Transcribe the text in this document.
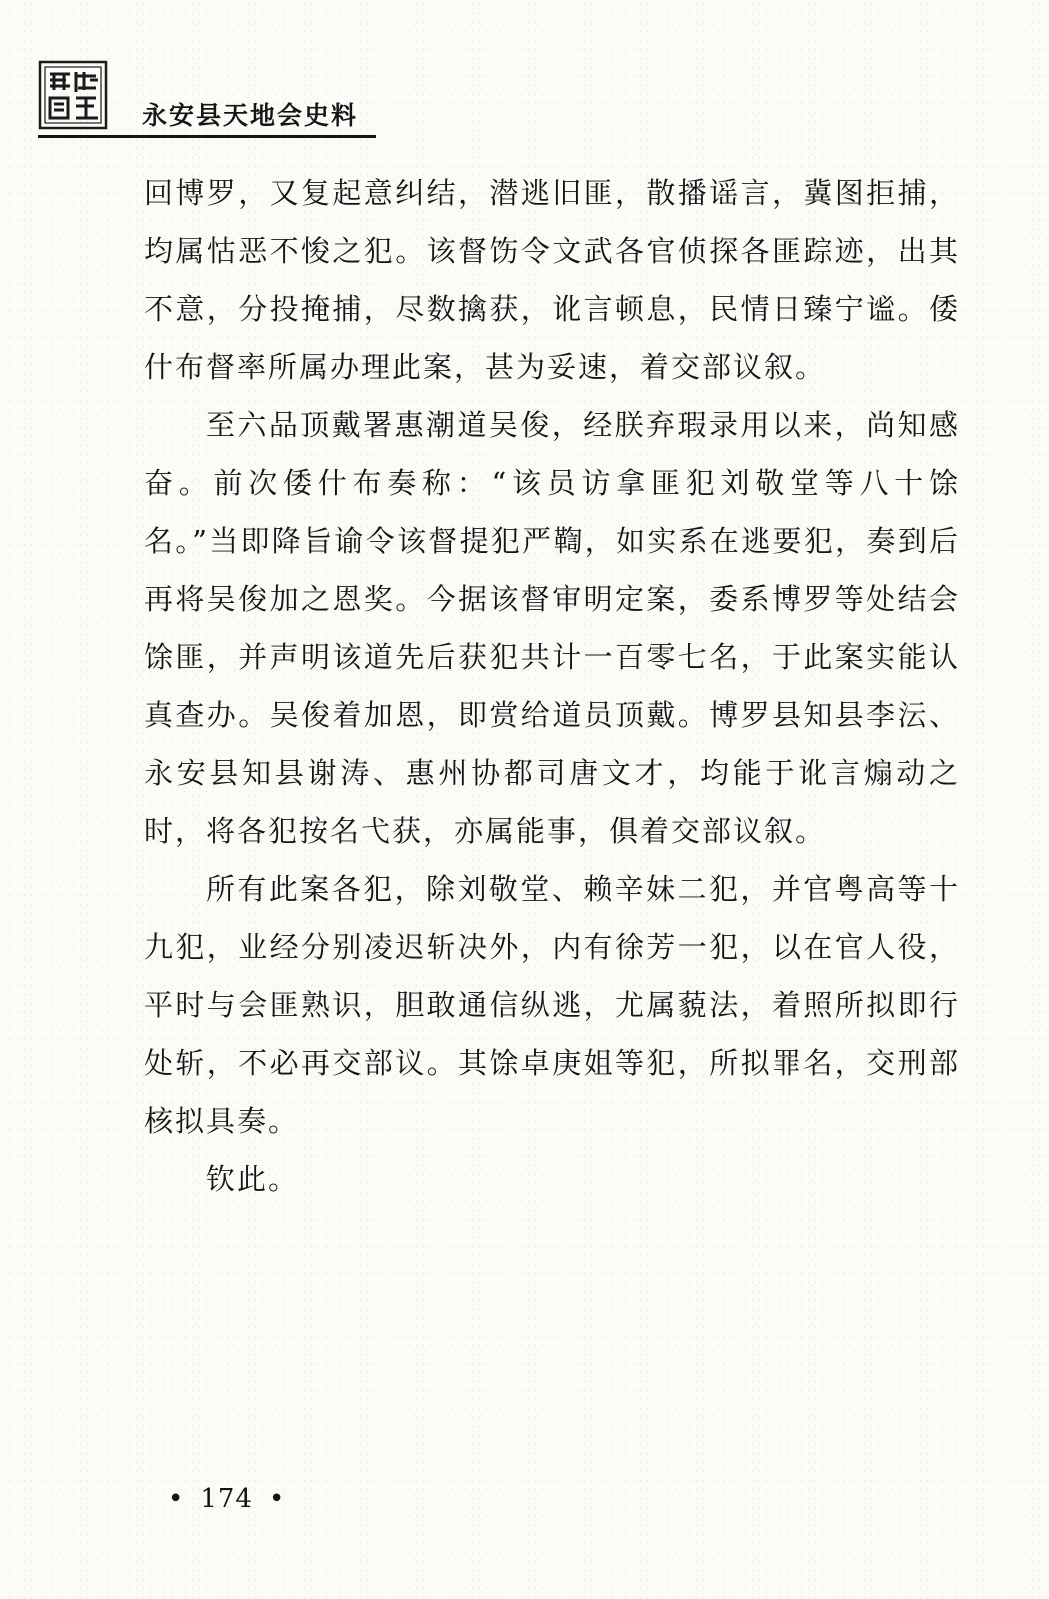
永安县天地会史料

回博罗，又复起意纠结，潜逃旧匪，散播谣言，冀图拒捕，均属怙恶不悛之犯。该督饬令文武各官侦探各匪踪迹，出其不意，分投掩捕，尽数擒获，讹言顿息，民情日臻宁谧。倭什布督率所属办理此案，甚为妥速，着交部议叙。

至六品顶戴署惠潮道吴俊，经朕弃瑕录用以来，尚知感奋。前次倭什布奏称：“该员访拿匪犯刘敬堂等八十馀名。”当即降旨谕令该督提犯严鞫，如实系在逃要犯，奏到后再将吴俊加之恩奖。今据该督审明定案，委系博罗等处结会馀匪，并声明该道先后获犯共计一百零七名，于此案实能认真查办。吴俊着加恩，即赏给道员顶戴。博罗县知县李沄、永安县知县谢涛、惠州协都司唐文才，均能于讹言煽动之时，将各犯按名弋获，亦属能事，俱着交部议叙。

所有此案各犯，除刘敬堂、赖辛妹二犯，并官粤高等十九犯，业经分别凌迟斩决外，内有徐芳一犯，以在官人役，平时与会匪熟识，胆敢通信纵逃，尤属藐法，着照所拟即行处斩，不必再交部议。其馀卓庚姐等犯，所拟罪名，交刑部核拟具奏。

钦此。

• 174 •
